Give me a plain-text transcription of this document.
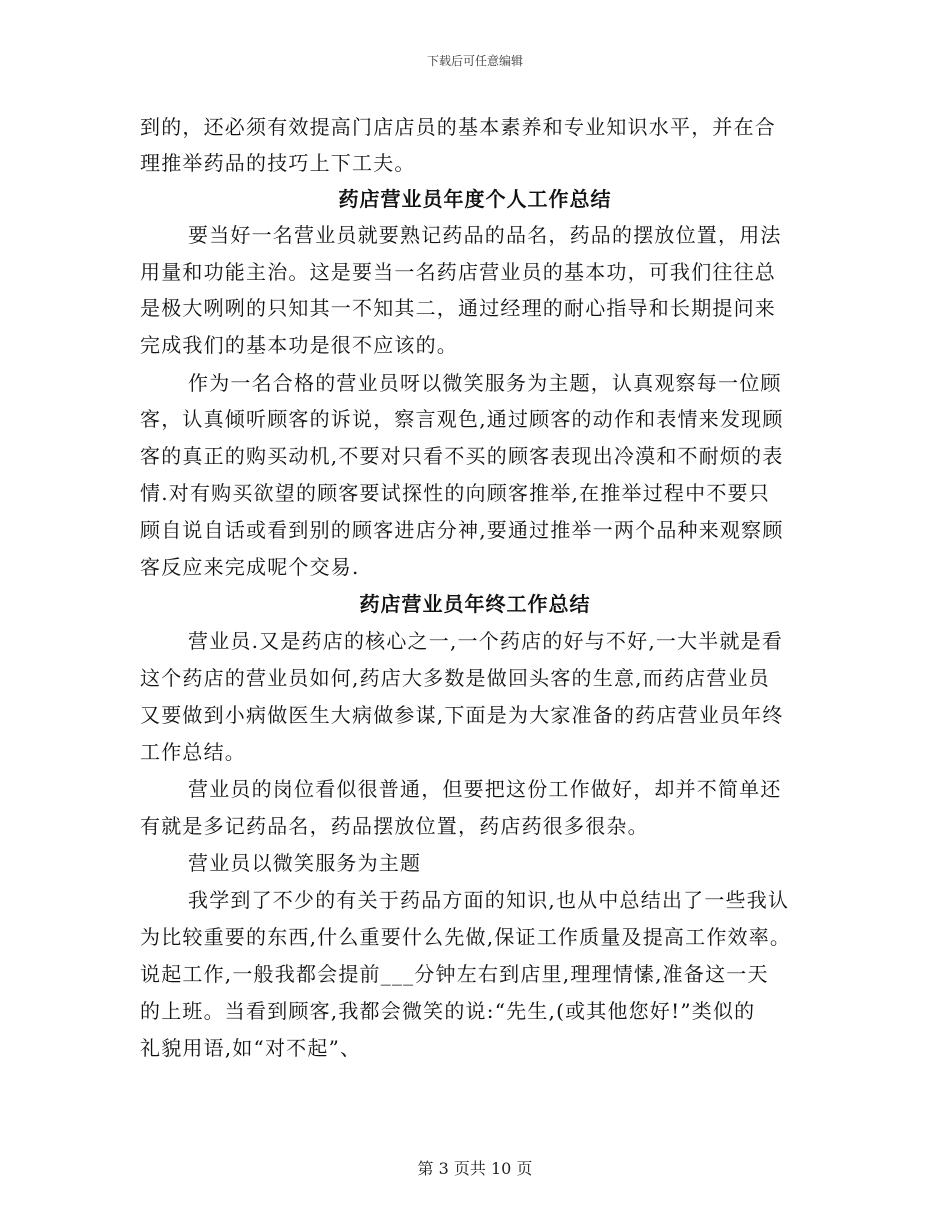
下载后可任意编辑
到的，还必须有效提高门店店员的基本素养和专业知识水平，并在合
理推举药品的技巧上下工夫。
药店营业员年度个人工作总结
要当好一名营业员就要熟记药品的品名，药品的摆放位置，用法
用量和功能主治。这是要当一名药店营业员的基本功，可我们往往总
是极大咧咧的只知其一不知其二，通过经理的耐心指导和长期提问来
完成我们的基本功是很不应该的。
作为一名合格的营业员呀以微笑服务为主题，认真观察每一位顾
客，认真倾听顾客的诉说，察言观色,通过顾客的动作和表情来发现顾
客的真正的购买动机,不要对只看不买的顾客表现出冷漠和不耐烦的表
情.对有购买欲望的顾客要试探性的向顾客推举,在推举过程中不要只
顾自说自话或看到别的顾客进店分神,要通过推举一两个品种来观察顾
客反应来完成呢个交易.
药店营业员年终工作总结
营业员.又是药店的核心之一,一个药店的好与不好,一大半就是看
这个药店的营业员如何,药店大多数是做回头客的生意,而药店营业员
又要做到小病做医生大病做参谋,下面是为大家准备的药店营业员年终
工作总结。
营业员的岗位看似很普通，但要把这份工作做好，却并不简单还
有就是多记药品名，药品摆放位置，药店药很多很杂。
营业员以微笑服务为主题
我学到了不少的有关于药品方面的知识,也从中总结出了一些我认
为比较重要的东西,什么重要什么先做,保证工作质量及提高工作效率。
说起工作,一般我都会提前___分钟左右到店里,理理情愫,准备这一天
的上班。当看到顾客,我都会微笑的说:“先生,(或其他您好!”类似的
礼貌用语,如“对不起”、
第 3 页共 10 页
